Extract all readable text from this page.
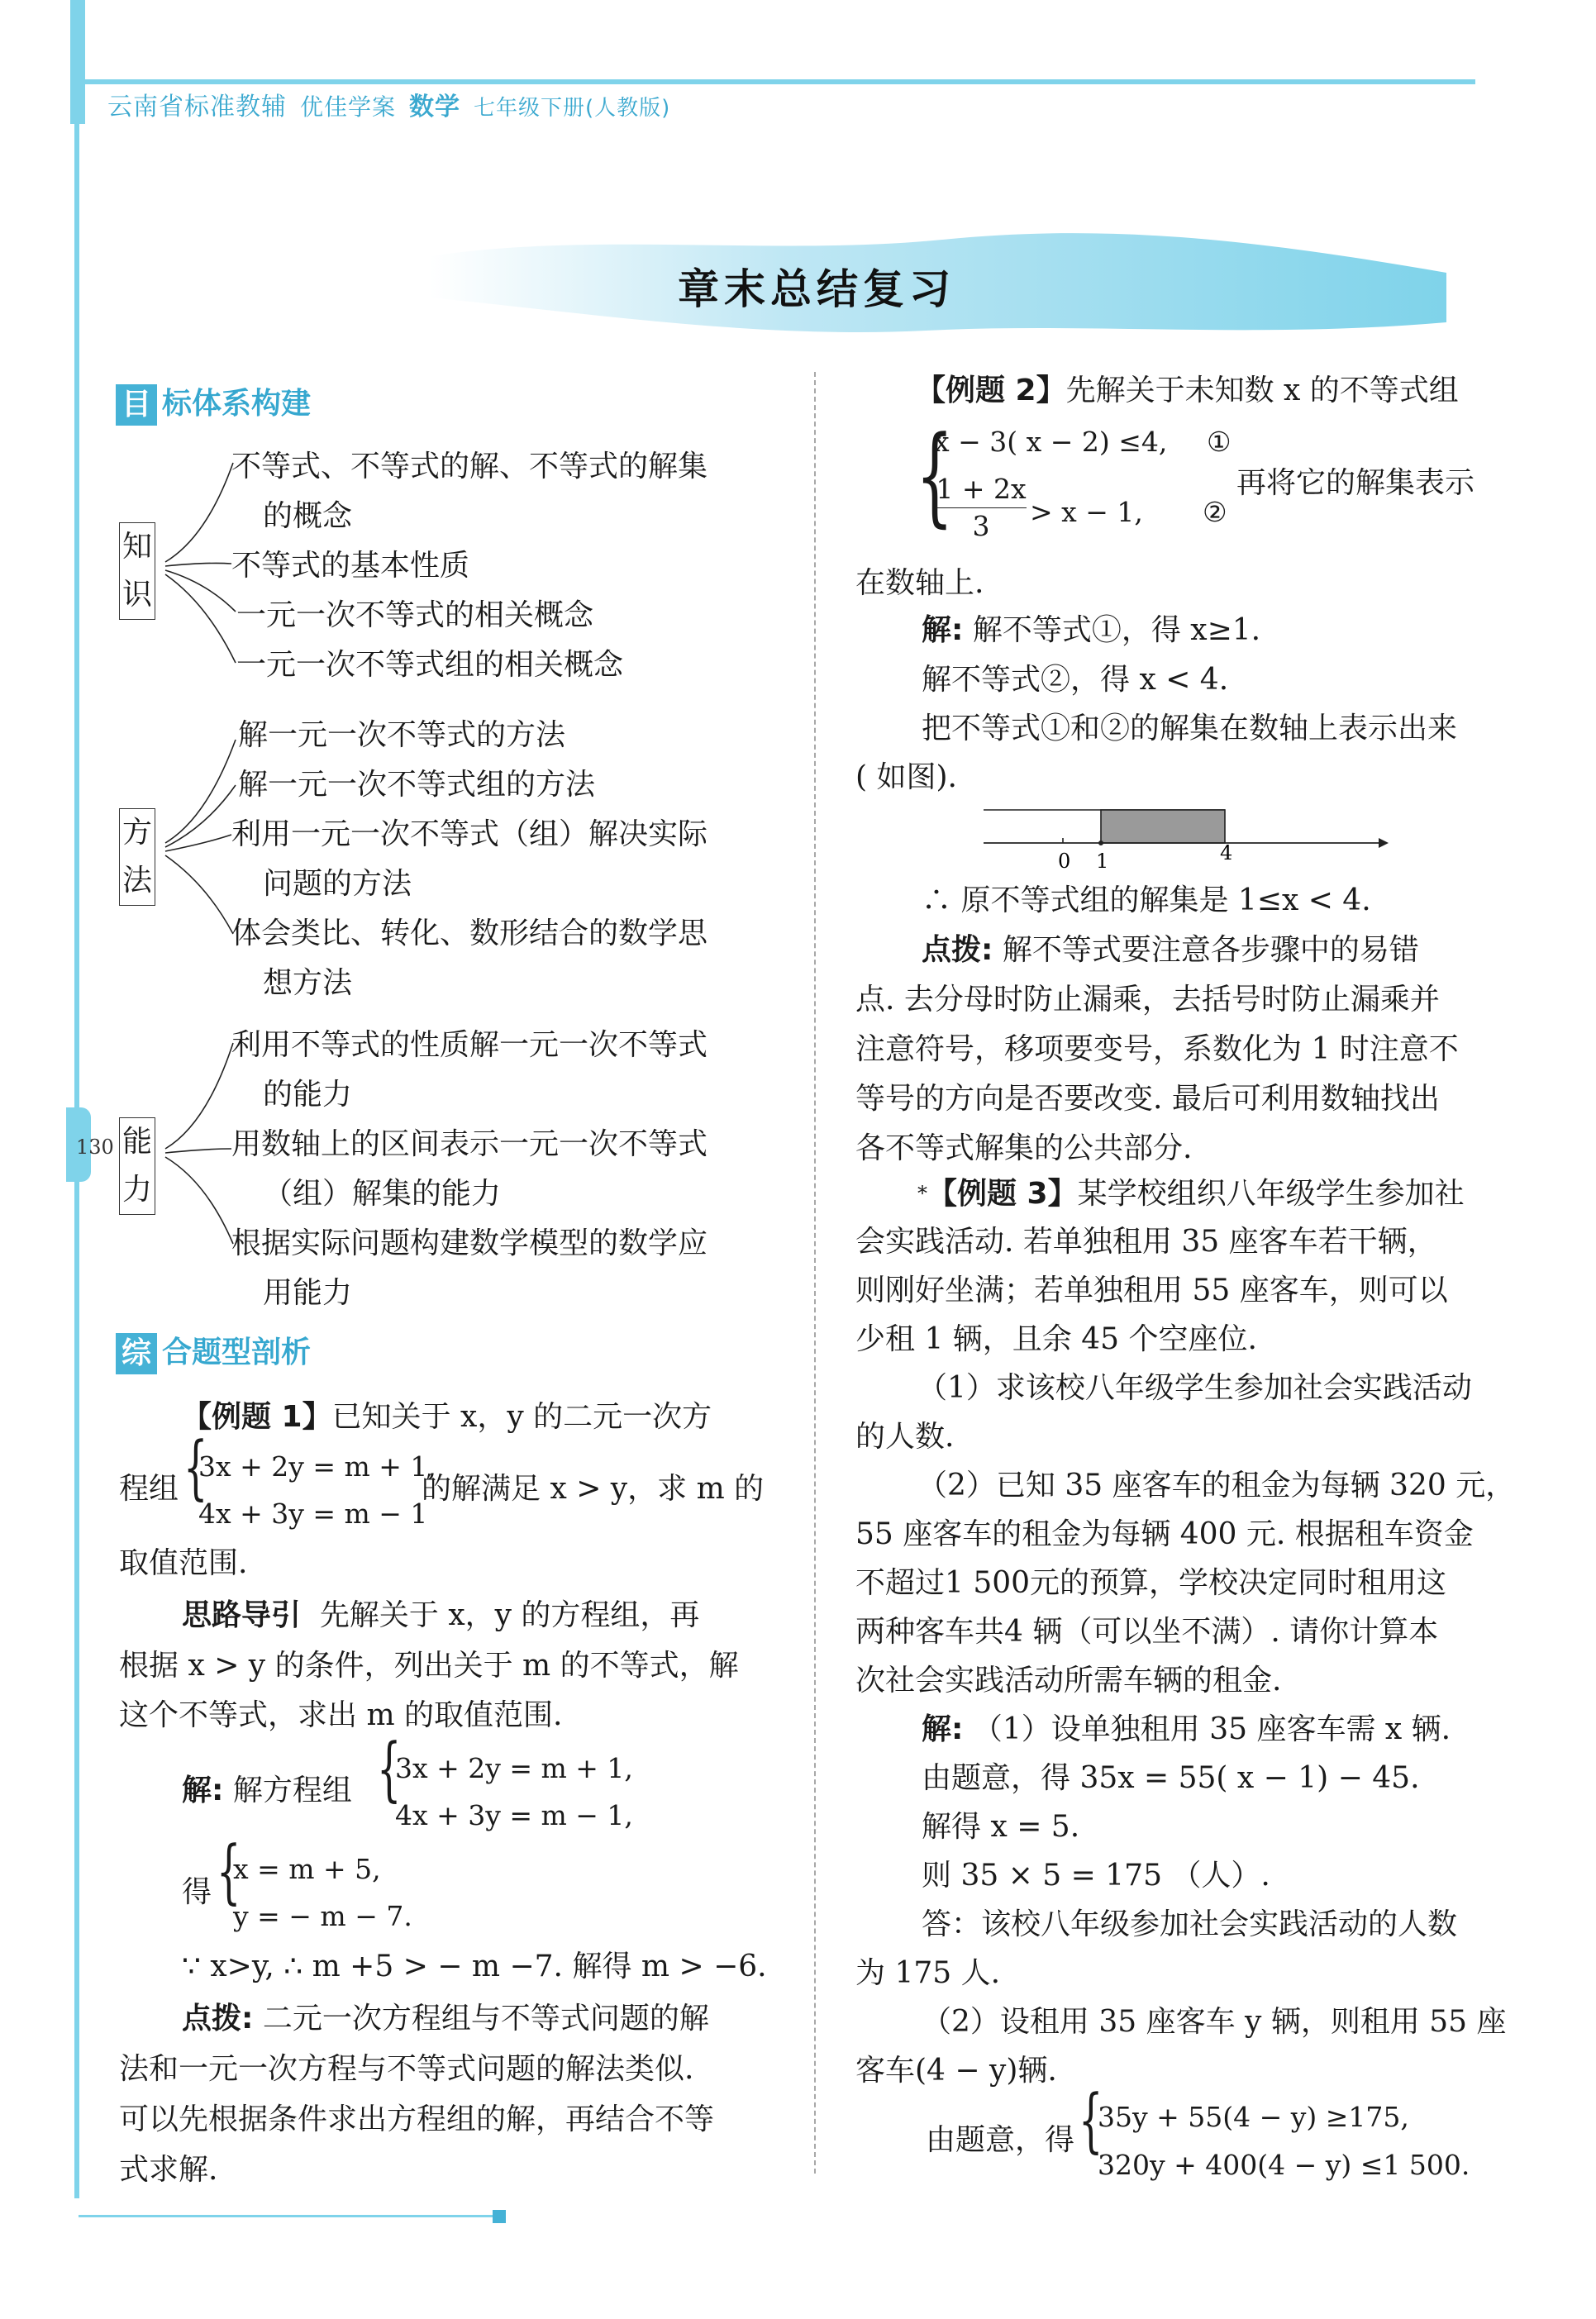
云南省标准教辅 优佳学案 数学 七年级下册(人教版)
章末总结复习
130
目 标体系构建
知
识
不等式、不等式的解、不等式的解集
的概念
不等式的基本性质
一元一次不等式的相关概念
一元一次不等式组的相关概念
方
法
解一元一次不等式的方法
解一元一次不等式组的方法
利用一元一次不等式（组）解决实际
问题的方法
体会类比、转化、数形结合的数学思
想方法
能
力
利用不等式的性质解一元一次不等式
的能力
用数轴上的区间表示一元一次不等式
（组）解集的能力
根据实际问题构建数学模型的数学应
用能力
综 合题型剖析
【例题 1】已知关于 x，y 的二元一次方
程组 {
3x + 2y = m + 1,
4x + 3y = m − 1
的解满足 x > y，求 m 的
取值范围.
思路导引 先解关于 x，y 的方程组，再
根据 x > y 的条件，列出关于 m 的不等式，解
这个不等式，求出 m 的取值范围.
解: 解方程组 {
3x + 2y = m + 1,
4x + 3y = m − 1,
得 {
x = m + 5,
y = − m − 7.
∵ x>y, ∴ m +5 > − m −7. 解得 m > −6.
点拨: 二元一次方程组与不等式问题的解
法和一元一次方程与不等式问题的解法类似.
可以先根据条件求出方程组的解，再结合不等
式求解.
【例题 2】先解关于未知数 x 的不等式组
{
x − 3( x − 2) ≤4, ①
$\frac{1 + 2x}{3} > x - 1$, ②
再将它的解集表示
在数轴上.
解: 解不等式①，得 x≥1.
解不等式②，得 x < 4.
把不等式①和②的解集在数轴上表示出来
( 如图).
0 1	4
∴ 原不等式组的解集是 1≤x < 4.
点拨: 解不等式要注意各步骤中的易错
点. 去分母时防止漏乘，去括号时防止漏乘并
注意符号，移项要变号，系数化为 1 时注意不
等号的方向是否要改变. 最后可利用数轴找出
各不等式解集的公共部分.
*【例题 3】某学校组织八年级学生参加社
会实践活动. 若单独租用 35 座客车若干辆，
则刚好坐满；若单独租用 55 座客车，则可以
少租 1 辆，且余 45 个空座位.
（1）求该校八年级学生参加社会实践活动
的人数.
（2）已知 35 座客车的租金为每辆 320 元，
55 座客车的租金为每辆 400 元. 根据租车资金
不超过1 500元的预算，学校决定同时租用这
两种客车共4 辆（可以坐不满）. 请你计算本
次社会实践活动所需车辆的租金.
解: （1）设单独租用 35 座客车需 x 辆.
由题意，得 35x = 55( x − 1) − 45.
解得 x = 5.
则 35 × 5 = 175 （人）.
答：该校八年级参加社会实践活动的人数
为 175 人.
（2）设租用 35 座客车 y 辆，则租用 55 座
客车(4 − y)辆.
由题意，得 {
35y + 55(4 − y) ≥175,
320y + 400(4 − y) ≤1 500.
